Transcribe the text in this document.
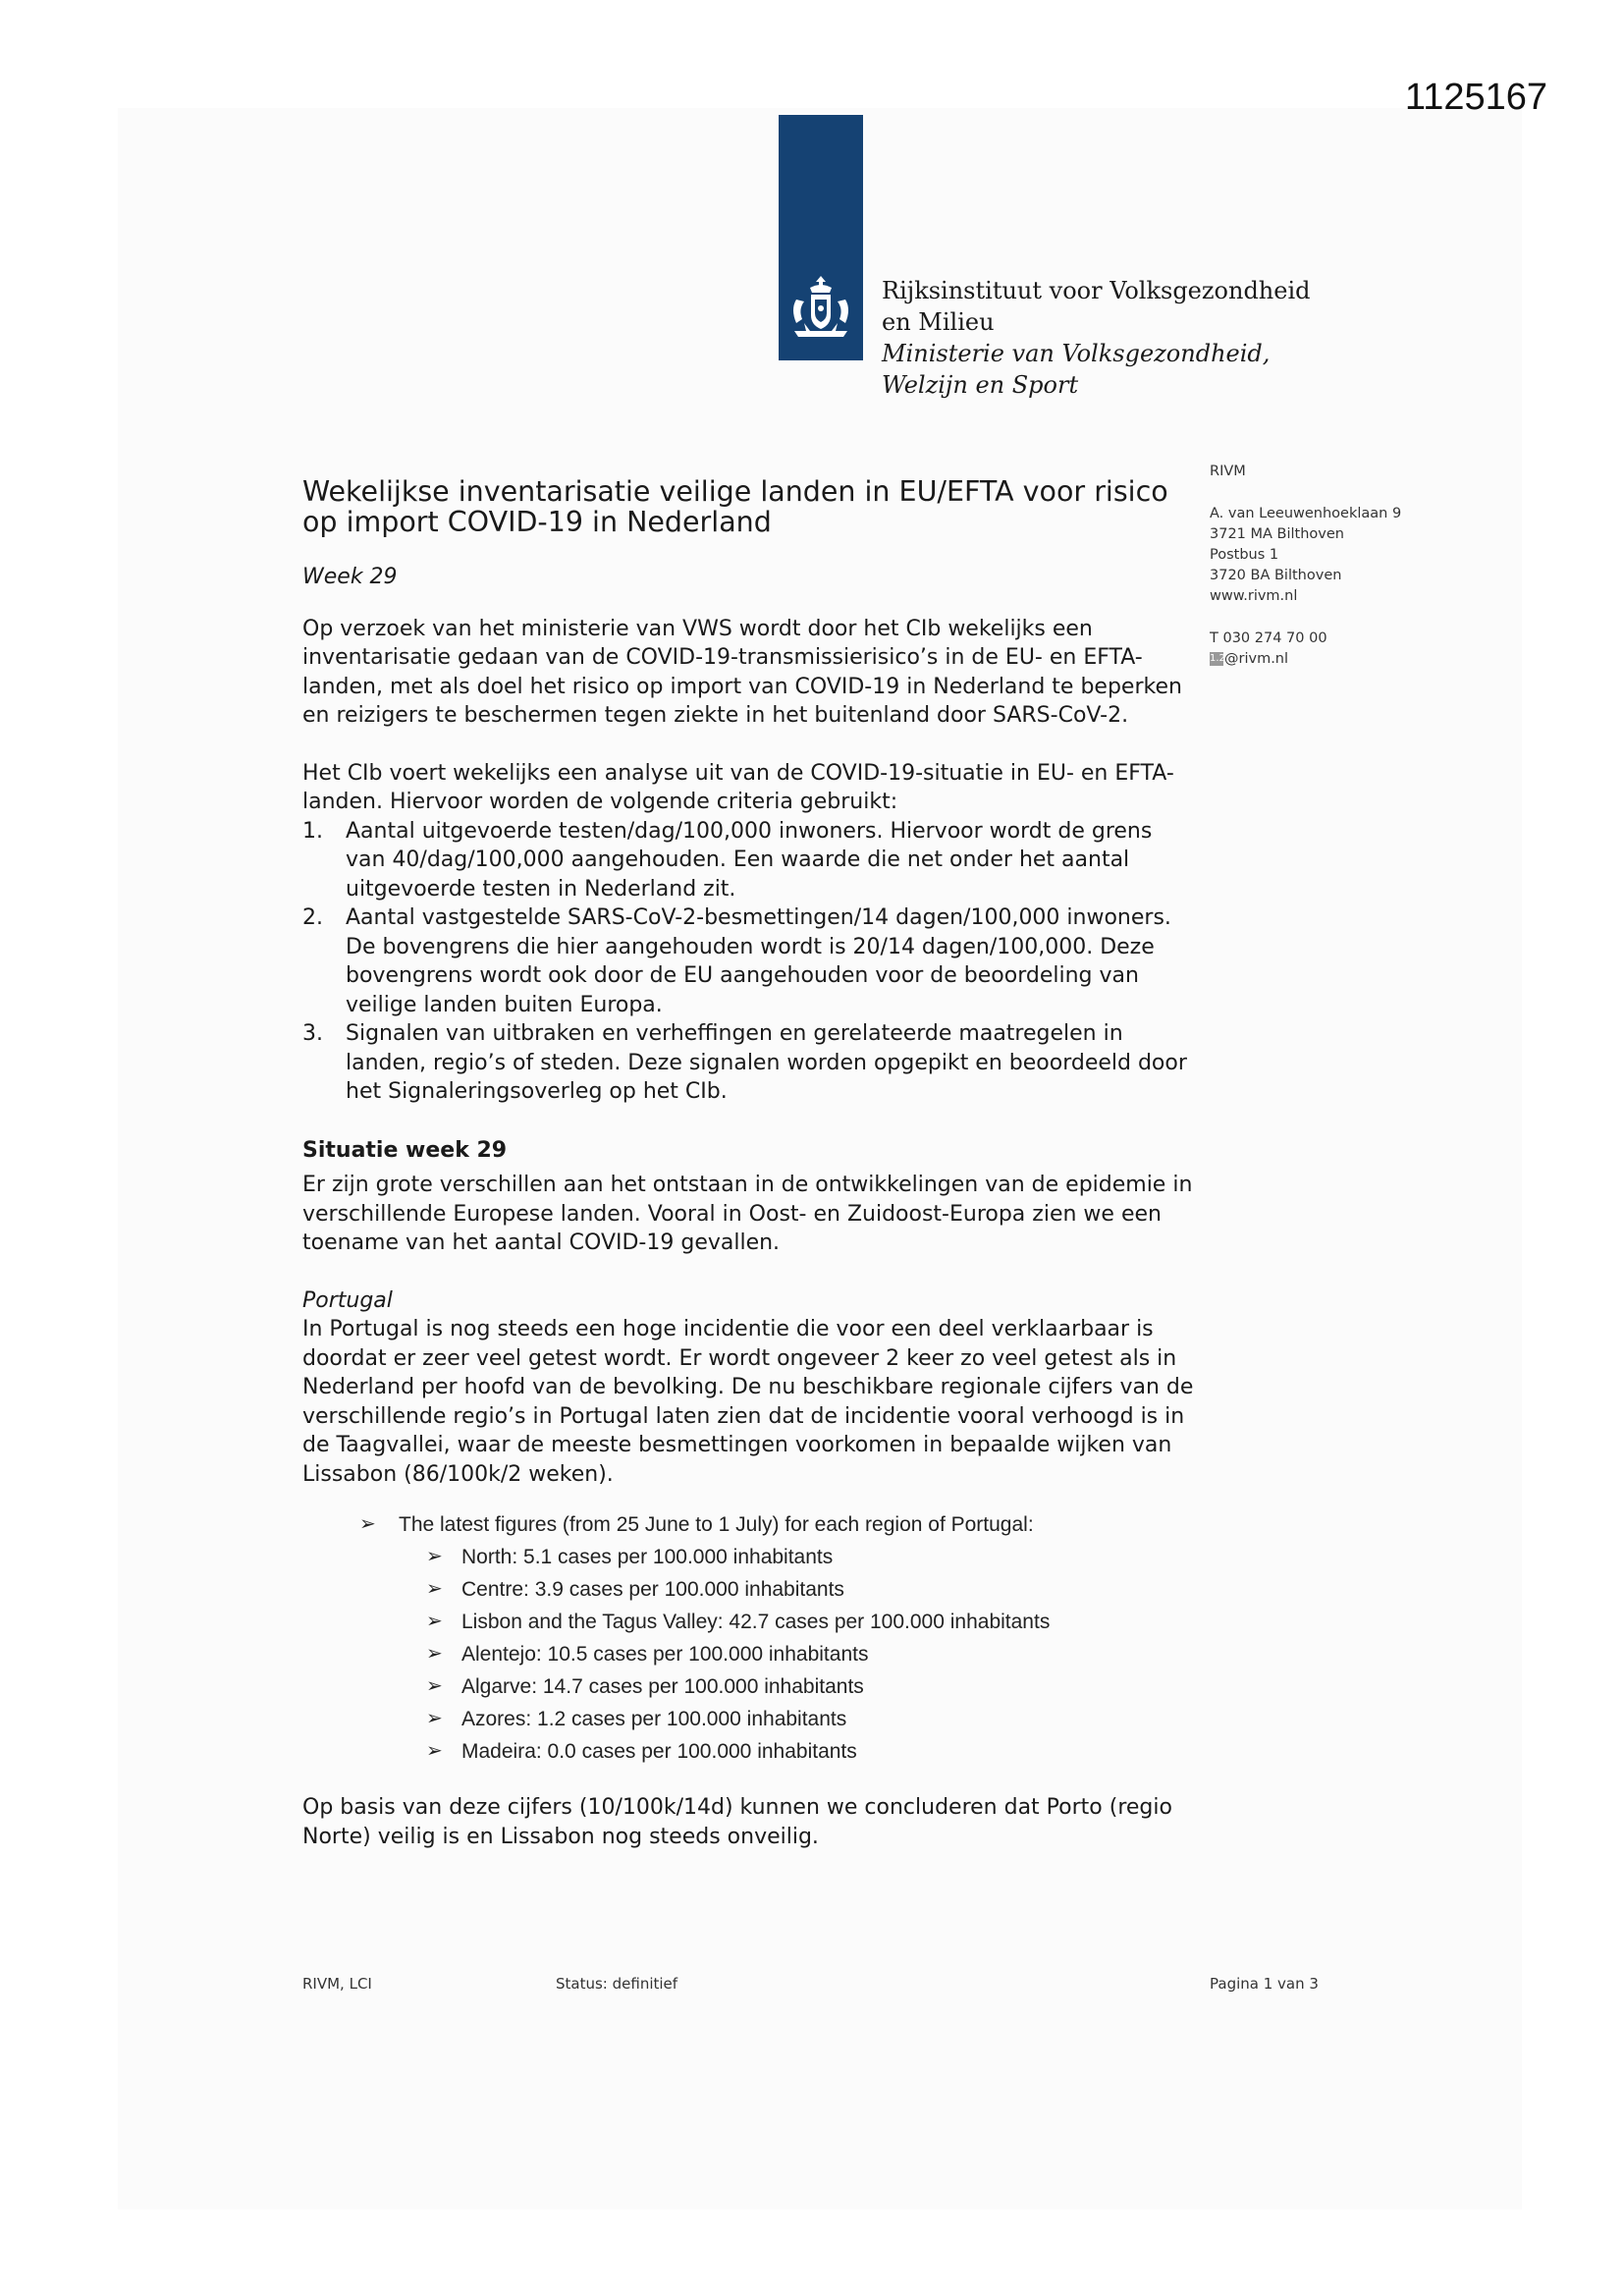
1125167
Rijksinstituut voor Volksgezondheid
en Milieu
Ministerie van Volksgezondheid,
Welzijn en Sport
RIVM
A. van Leeuwenhoeklaan 9
3721 MA Bilthoven
Postbus 1
3720 BA Bilthoven
www.rivm.nl
T 030 274 70 00
1.2@rivm.nl
Wekelijkse inventarisatie veilige landen in EU/EFTA voor risico op import COVID-19 in Nederland
Week 29
Op verzoek van het ministerie van VWS wordt door het CIb wekelijks een inventarisatie gedaan van de COVID-19-transmissierisico’s in de EU- en EFTA-landen, met als doel het risico op import van COVID-19 in Nederland te beperken en reizigers te beschermen tegen ziekte in het buitenland door SARS-CoV-2.
Het CIb voert wekelijks een analyse uit van de COVID-19-situatie in EU- en EFTA-landen. Hiervoor worden de volgende criteria gebruikt:
1. Aantal uitgevoerde testen/dag/100,000 inwoners. Hiervoor wordt de grens van 40/dag/100,000 aangehouden. Een waarde die net onder het aantal uitgevoerde testen in Nederland zit.
2. Aantal vastgestelde SARS-CoV-2-besmettingen/14 dagen/100,000 inwoners. De bovengrens die hier aangehouden wordt is 20/14 dagen/100,000. Deze bovengrens wordt ook door de EU aangehouden voor de beoordeling van veilige landen buiten Europa.
3. Signalen van uitbraken en verheffingen en gerelateerde maatregelen in landen, regio’s of steden. Deze signalen worden opgepikt en beoordeeld door het Signaleringsoverleg op het CIb.
Situatie week 29
Er zijn grote verschillen aan het ontstaan in de ontwikkelingen van de epidemie in verschillende Europese landen. Vooral in Oost- en Zuidoost-Europa zien we een toename van het aantal COVID-19 gevallen.
Portugal
In Portugal is nog steeds een hoge incidentie die voor een deel verklaarbaar is doordat er zeer veel getest wordt. Er wordt ongeveer 2 keer zo veel getest als in Nederland per hoofd van de bevolking. De nu beschikbare regionale cijfers van de verschillende regio’s in Portugal laten zien dat de incidentie vooral verhoogd is in de Taagvallei, waar de meeste besmettingen voorkomen in bepaalde wijken van Lissabon (86/100k/2 weken).
➢ The latest figures (from 25 June to 1 July) for each region of Portugal:
➢ North: 5.1 cases per 100.000 inhabitants
➢ Centre: 3.9 cases per 100.000 inhabitants
➢ Lisbon and the Tagus Valley: 42.7 cases per 100.000 inhabitants
➢ Alentejo: 10.5 cases per 100.000 inhabitants
➢ Algarve: 14.7 cases per 100.000 inhabitants
➢ Azores: 1.2 cases per 100.000 inhabitants
➢ Madeira: 0.0 cases per 100.000 inhabitants
Op basis van deze cijfers (10/100k/14d) kunnen we concluderen dat Porto (regio Norte) veilig is en Lissabon nog steeds onveilig.
RIVM, LCI	Status: definitief	Pagina 1 van 3
